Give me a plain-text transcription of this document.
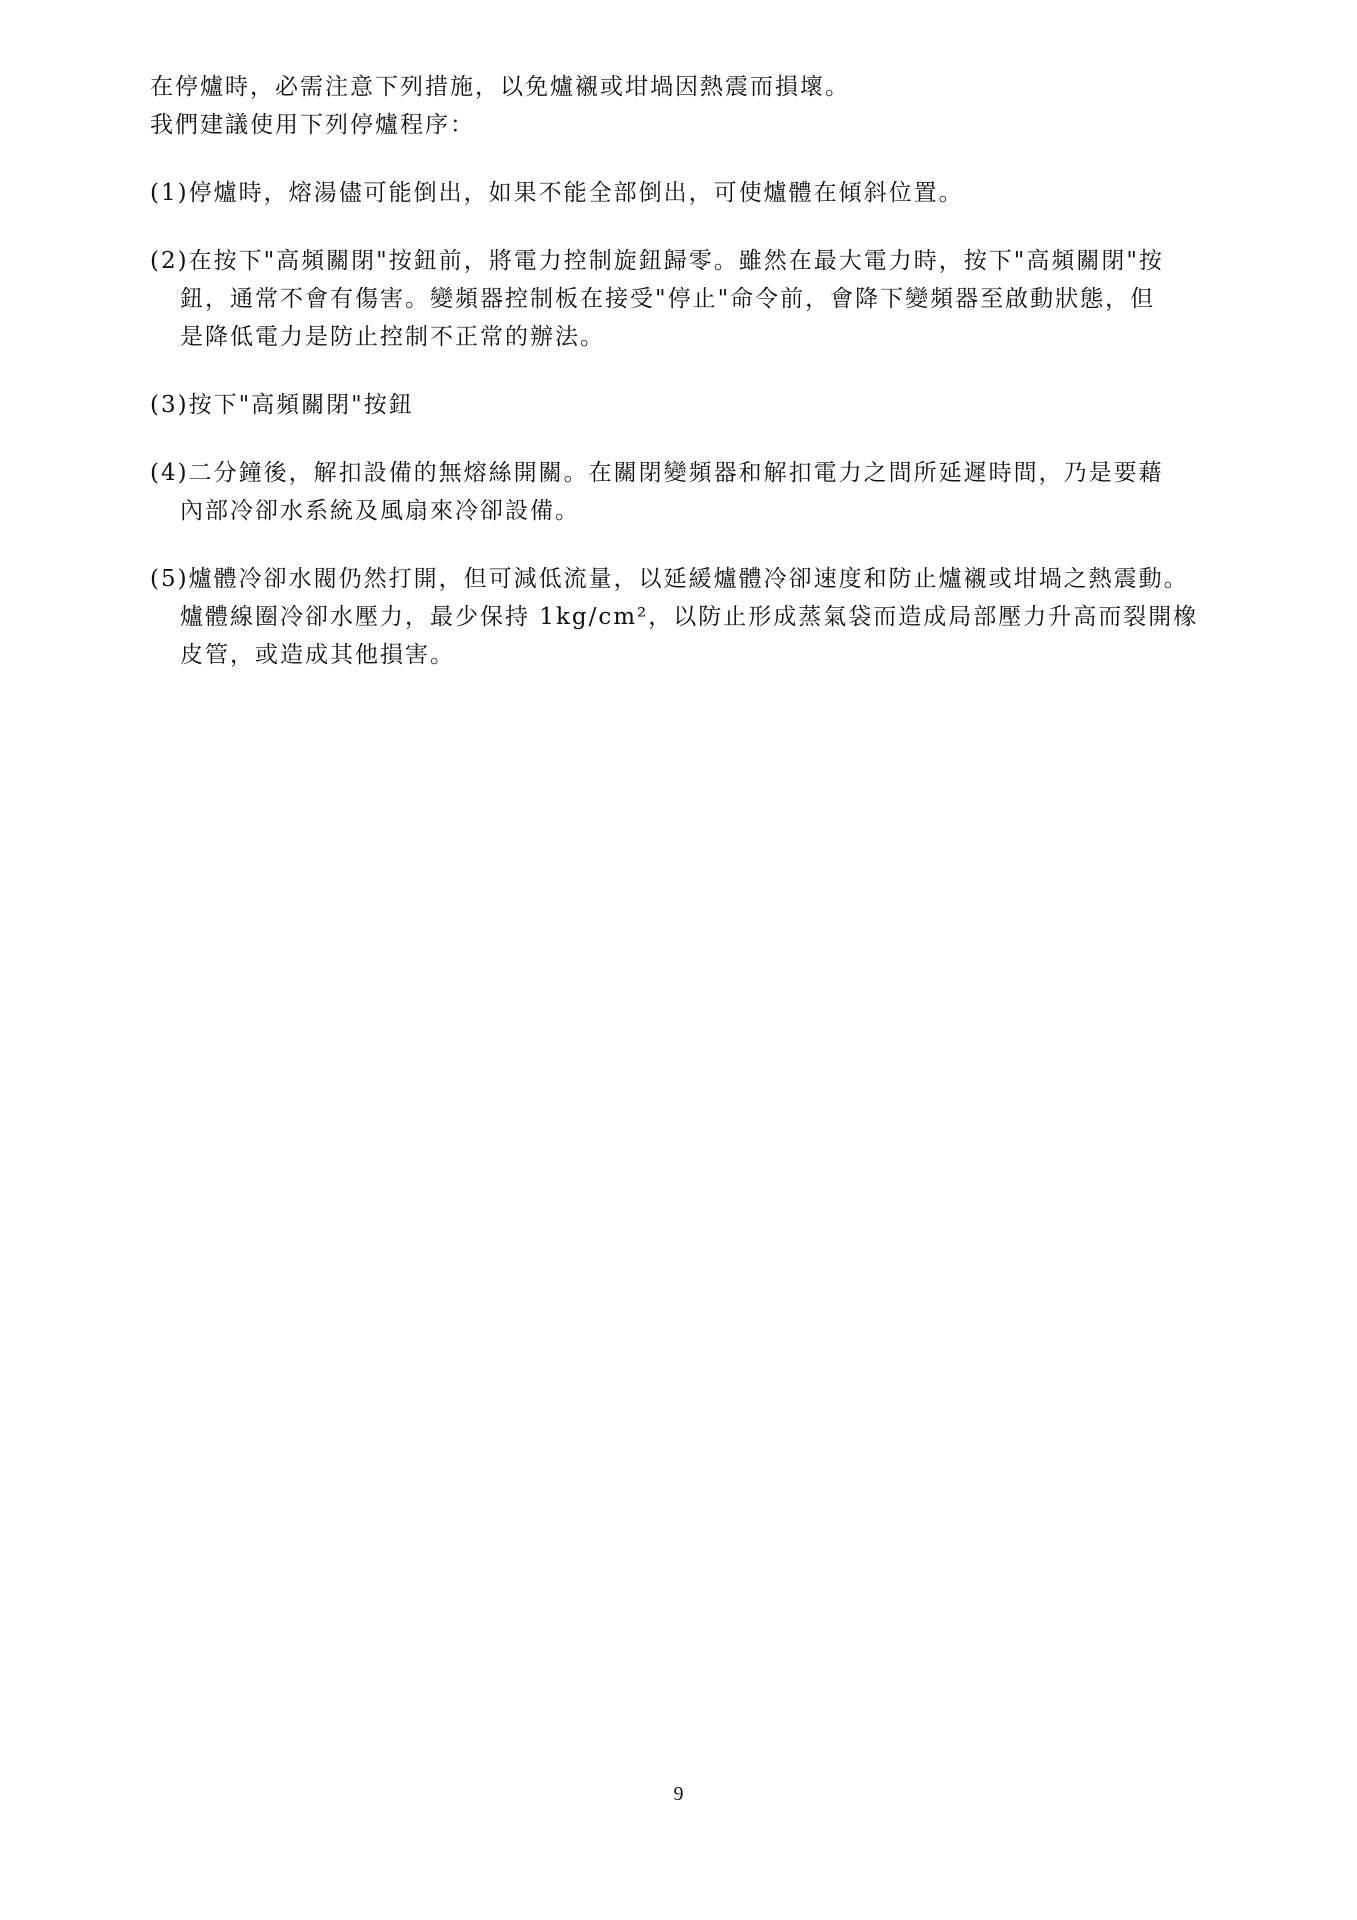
在停爐時，必需注意下列措施，以免爐襯或坩堝因熱震而損壞。
我們建議使用下列停爐程序：
(1)停爐時，熔湯儘可能倒出，如果不能全部倒出，可使爐體在傾斜位置。
(2)在按下"高頻關閉"按鈕前，將電力控制旋鈕歸零。雖然在最大電力時，按下"高頻關閉"按
鈕，通常不會有傷害。變頻器控制板在接受"停止"命令前，會降下變頻器至啟動狀態，但
是降低電力是防止控制不正常的辦法。
(3)按下"高頻關閉"按鈕
(4)二分鐘後，解扣設備的無熔絲開關。在關閉變頻器和解扣電力之間所延遲時間，乃是要藉
內部冷卻水系統及風扇來冷卻設備。
(5)爐體冷卻水閥仍然打開，但可減低流量，以延緩爐體冷卻速度和防止爐襯或坩堝之熱震動。
爐體線圈冷卻水壓力，最少保持 1kg/cm²，以防止形成蒸氣袋而造成局部壓力升高而裂開橡
皮管，或造成其他損害。
9
